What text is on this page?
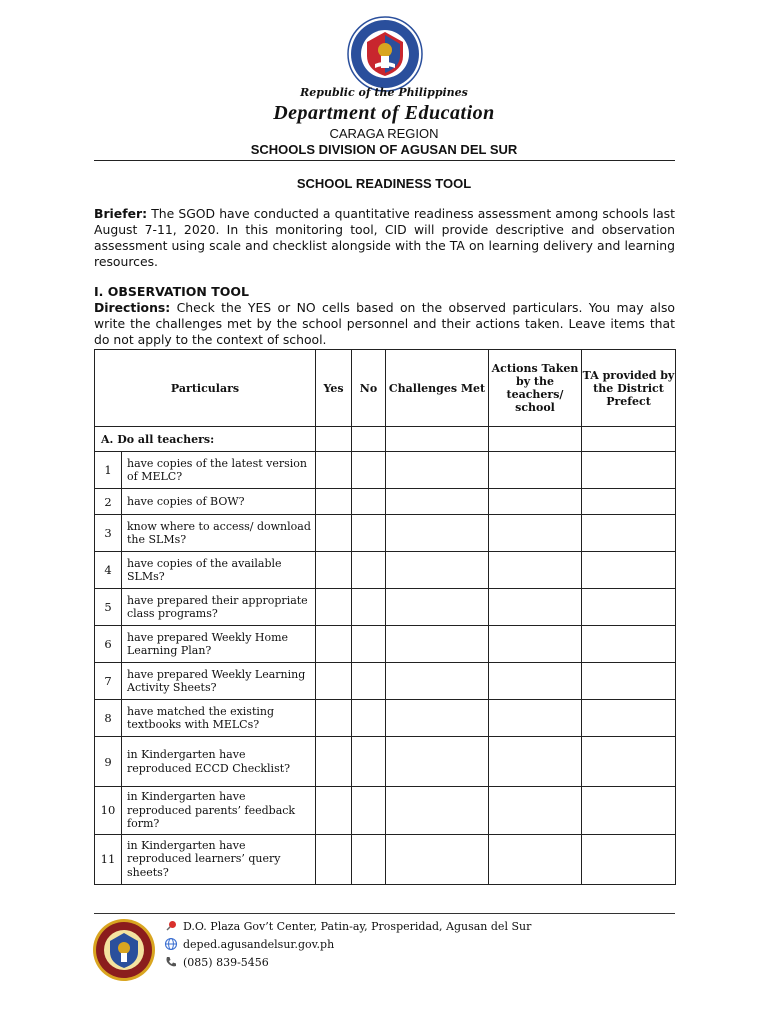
Republic of the Philippines
Department of Education
CARAGA REGION
SCHOOLS DIVISION OF AGUSAN DEL SUR
SCHOOL READINESS TOOL
Briefer: The SGOD have conducted a quantitative readiness assessment among schools last August 7-11, 2020. In this monitoring tool, CID will provide descriptive and observation assessment using scale and checklist alongside with the TA on learning delivery and learning resources.
I. OBSERVATION TOOL
Directions: Check the YES or NO cells based on the observed particulars. You may also write the challenges met by the school personnel and their actions taken. Leave items that do not apply to the context of school.
Particulars		Yes	No	Challenges Met	Actions Taken by the teachers/ school	TA provided by the District Prefect
A. Do all teachers:						
1	have copies of the latest version of MELC?					
2	have copies of BOW?					
3	know where to access/ download the SLMs?					
4	have copies of the available SLMs?					
5	have prepared their appropriate class programs?					
6	have prepared Weekly Home Learning Plan?					
7	have prepared Weekly Learning Activity Sheets?					
8	have matched the existing textbooks with MELCs?					
9	in Kindergarten have reproduced ECCD Checklist?					
10	in Kindergarten have reproduced parents’ feedback form?					
11	in Kindergarten have reproduced learners’ query sheets?					
D.O. Plaza Gov’t Center, Patin-ay, Prosperidad, Agusan del Sur
deped.agusandelsur.gov.ph
(085) 839-5456
